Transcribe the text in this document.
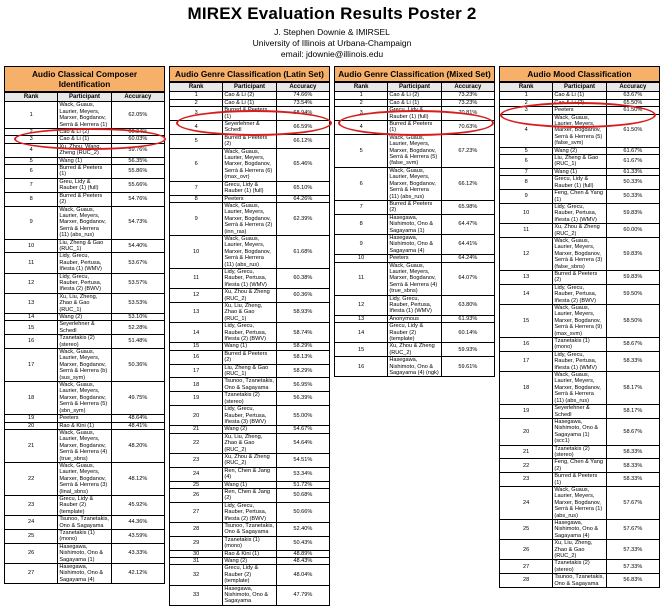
MIREX Evaluation Results Poster 2
J. Stephen Downie & IMIRSEL
University of Illinois at Urbana-Champaign
email: jdownie@illinois.edu
Audio Classical Composer Identification
Rank	Participant	Accuracy
1	Wack, Guaus, Laurier, Meyers, Marxer, Bogdanov, Serrà & Herrera (1)	62.05%
2	Cao & Li (2)	60.24%
3	Cao & Li (1)	60.03%
4	Xu, Zhou, Wang, Zheng (RUC_2)	59.76%
5	Wang (1)	56.35%
6	Burred & Peeters (1)	55.86%
7	Greu, Lidy & Rauber (1) (full)	55.66%
8	Burred & Peeters (2)	54.76%
9	Wack, Guaus, Laurier, Meyers, Marxer, Bogdanov, Serrà & Herrera (11) (abs_rus)	54.73%
10	Liu, Zheng & Gao (RUC_1)	54.40%
11	Lidy, Grecu, Rauber, Pertusa, Iñesta (1) (WMV)	53.67%
12	Lidy, Grecu, Rauber, Pertusa, Iñesta (2) (BWV)	53.57%
13	Xu, Liu, Zheng, Zhao & Gao (RUC_1)	53.53%
14	Wang (2)	53.10%
15	Seyerlehner & Schedl	52.28%
16	Tzanetakis (2) (stereo)	51.48%
17	Wack, Guaus, Laurier, Meyers, Marxer, Bogdanov, Serrà & Herrera (b) (sus_sym)	50.36%
18	Wack, Guaus, Laurier, Meyers, Marxer, Bogdanov, Serrà & Herrera (5) (sbn_sym)	49.75%
19	Peeters	48.64%
20	Rao & Kini (1)	48.41%
21	Wack, Guaus, Laurier, Meyers, Marxer, Bogdanov, Serrà & Herrera (4) (true_sbns)	48.20%
22	Wack, Guaus, Laurier, Meyers, Marxer, Bogdanov, Serrà & Herrera (3) (linal_sbns)	48.12%
23	Grecu, Lidy & Rauber (2) (template)	45.92%
24	Tsunoo, Tzanetakis, Ono & Sagayama	44.36%
25	Tzanetakis (1) (mono)	43.59%
26	Hasegawa, Nishimoto, Ono & Sagayama (1)	43.33%
27	Hasegawa, Nishimoto, Ono & Sagayama (4)	42.12%
Audio Genre Classification (Latin Set)
Rank	Participant	Accuracy
1	Cao & Li (2)	74.66%
2	Cao & Li (1)	73.54%
3	Burred & Peeters (1)	68.94%
4	Seyerlehner & Schedl	66.59%
5	Burred & Peeters (2)	66.12%
6	Wack, Guaus, Laurier, Meyers, Marxer, Bogdanov, Serrà & Herrera (6) (max_ovr)	65.46%
7	Grecu, Lidy & Rauber (1) (full)	65.10%
8	Peeters	64.26%
9	Wack, Guaus, Laurier, Meyers, Marxer, Bogdanov, Serrà & Herrera (2) (inn_ras)	62.39%
10	Wack, Guaus, Laurier, Meyers, Marxer, Bogdanov, Serrà & Herrera (11) (abs_rus)	61.68%
11	Lidy, Grecu, Rauber, Pertusa, Iñesta (1) (WMV)	60.38%
12	Xu, Zhou & Zheng (RUC_2)	60.36%
13	Xu, Liu, Zheng, Zhao & Gao (RUC_1)	58.93%
14	Lidy, Grecu, Rauber, Pertusa, Iñesta (2) (BWV)	58.74%
15	Wang (1)	58.29%
16	Burred & Peeters (2)	58.13%
17	Liu, Zheng & Gao (RUC_1)	58.29%
18	Tsunoo, Tzanetakis, Ono & Sagayama	56.95%
19	Tzanetakis (2) (stereo)	56.39%
20	Lidy, Grecu, Rauber, Pertusa, Iñesta (3) (BWV)	55.00%
21	Wang (2)	54.67%
22	Xu, Liu, Zheng, Zhao & Gao (RUC_2)	54.64%
23	Xu, Zhou & Zheng (RUC_2)	54.51%
24	Ren, Chen & Jang (4)	53.34%
25	Wang (1)	51.72%
26	Ren, Chen & Jang (2)	50.68%
27	Lidy, Grecu, Rauber, Pertusa, Iñesta (2) (BWV)	50.66%
28	Tsunoo, Tzanetakis, Ono & Sagayama	52.40%
29	Tzanetakis (1) (mono)	50.43%
30	Rao & Kini (1)	48.89%
31	Wang (2)	48.43%
32	Grecu, Lidy & Rauber (2) (template)	48.04%
33	Hasegawa, Nishimoto, Ono & Sagayama	47.79%
Audio Genre Classification (Mixed Set)
Rank	Participant	Accuracy
1	Cao & Li (2)	73.23%
2	Cao & Li (1)	73.23%
3	Grecu, Lidy & Rauber (1) (full)	70.81%
4	Burred & Peeters (1)	70.63%
5	Wack, Guaus, Laurier, Meyers, Marxer, Bogdanov, Serrà & Herrera (5) (false_svm)	67.23%
6	Wack, Guaus, Laurier, Meyers, Marxer, Bogdanov, Serrà & Herrera (11) (abs_rus)	66.12%
7	Burred & Peeters (2)	65.98%
8	Hasegawa, Nishimoto, Ono & Sagayama (1)	64.47%
9	Hasegawa, Nishimoto, Ono & Sagayama (4)	64.41%
10	Peeters	64.24%
11	Wack, Guaus, Laurier, Meyers, Marxer, Bogdanov, Serrà & Herrera (4) (true_sbns)	64.07%
12	Lidy, Grecu, Rauber, Pertusa, Iñesta (1) (WMV)	63.80%
13	Anonymous	61.93%
14	Grecu, Lidy & Rauber (2) (template)	60.14%
15	Xu, Zhou & Zheng (RUC_2)	59.93%
16	Hasegawa, Nishimoto, Ono & Sagayama (4) (ngk)	59.61%
Audio Mood Classification
Rank	Participant	Accuracy
1	Cao & Li (1)	63.67%
2	Cao & Li (2)	65.50%
3	Peeters	61.50%
4	Wack, Guaus, Laurier, Meyers, Marxer, Bogdanov, Serrà & Herrera (5) (false_svm)	61.50%
5	Wang (2)	61.67%
6	Liu, Zheng & Gao (RUC_1)	61.67%
7	Wang (1)	61.33%
8	Grecu, Lidy & Rauber (1) (full)	50.33%
9	Feng, Chen & Yang (1)	50.33%
10	Lidy, Grecu, Rauber, Pertusa, Iñesta (1) (WMV)	59.83%
11	Xu, Zhou & Zheng (RUC_2)	60.00%
12	Wack, Guaus, Laurier, Meyers, Marxer, Bogdanov, Serrà & Herrera (3) (false_sbns)	59.83%
13	Burred & Peeters (2)	59.83%
14	Lidy, Grecu, Rauber, Pertusa, Iñesta (2) (BWV)	59.50%
15	Wack, Guaus, Laurier, Meyers, Marxer, Bogdanov, Serrà & Herrera (9) (max_svm)	58.50%
16	Tzanetakis (1) (mono)	58.67%
17	Lidy, Grecu, Rauber, Pertusa, Iñesta (1) (WMV)	58.33%
18	Wack, Guaus, Laurier, Meyers, Marxer, Bogdanov, Serrà & Herrera (11) (abs_rus)	58.17%
19	Seyerlehner & Schedl	58.17%
20	Hasegawa, Nishimoto, Ono & Sagayama (1) (scc1)	58.67%
21	Tzanetakis (2) (stereo)	58.33%
22	Feng, Chen & Yang (2)	58.33%
23	Burred & Peeters (1)	58.33%
24	Wack, Guaus, Laurier, Meyers, Marxer, Bogdanov, Serrà & Herrera (1) (abs_rus)	57.67%
25	Hasegawa, Nishimoto, Ono & Sagayama (4)	57.67%
26	Xu, Liu, Zheng, Zhao & Gao (RUC_2)	57.33%
27	Tzanetakis (2) (stereo)	57.33%
28	Tsunoo, Tzanetakis, Ono & Sagayama	56.83%
